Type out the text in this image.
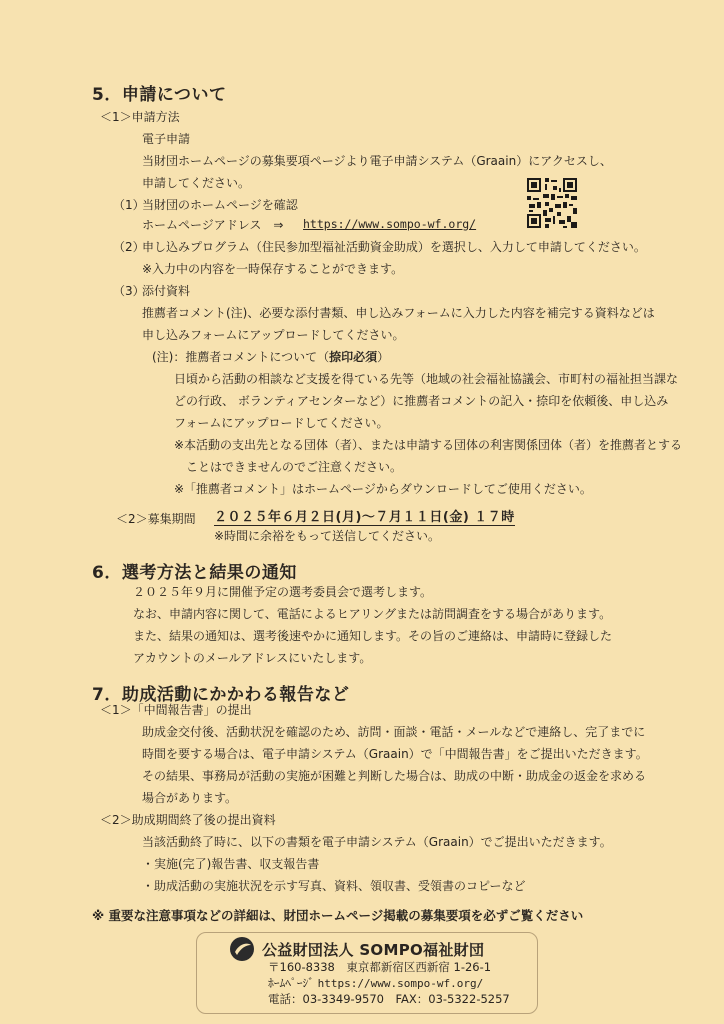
5．申請について
＜1＞申請方法
電子申請
当財団ホームページの募集要項ページより電子申請システム（Graain）にアクセスし、
申請してください。
（1）
当財団のホームページを確認
ホームページアドレス　⇒ https://www.sompo-wf.org/
（2）
申し込みプログラム（住民参加型福祉活動資金助成）を選択し、入力して申請してください。
※入力中の内容を一時保存することができます。
（3）
添付資料
推薦者コメント(注)、必要な添付書類、申し込みフォームに入力した内容を補完する資料などは
申し込みフォームにアップロードしてください。
(注)：推薦者コメントについて（捺印必須）
日頃から活動の相談など支援を得ている先等（地域の社会福祉協議会、市町村の福祉担当課な
どの行政、 ボランティアセンターなど）に推薦者コメントの記入・捺印を依頼後、申し込み
フォームにアップロードしてください。
※本活動の支出先となる団体（者）、または申請する団体の利害関係団体（者）を推薦者とする
ことはできませんのでご注意ください。
※「推薦者コメント」はホームページからダウンロードしてご使用ください。
＜2＞募集期間 ２０２５年６月２日(月)～７月１１日(金) １７時
※時間に余裕をもって送信してください。
6．選考方法と結果の通知
２０２５年９月に開催予定の選考委員会で選考します。
なお、申請内容に関して、電話によるヒアリングまたは訪問調査をする場合があります。
また、結果の通知は、選考後速やかに通知します。その旨のご連絡は、申請時に登録した
アカウントのメールアドレスにいたします。
7．助成活動にかかわる報告など
＜1＞「中間報告書」の提出
助成金交付後、活動状況を確認のため、訪問・面談・電話・メールなどで連絡し、完了までに
時間を要する場合は、電子申請システム（Graain）で「中間報告書」をご提出いただきます。
その結果、事務局が活動の実施が困難と判断した場合は、助成の中断・助成金の返金を求める
場合があります。
＜2＞助成期間終了後の提出資料
当該活動終了時に、以下の書類を電子申請システム（Graain）でご提出いただきます。
・実施(完了)報告書、収支報告書
・助成活動の実施状況を示す写真、資料、領収書、受領書のコピーなど
※ 重要な注意事項などの詳細は、財団ホームページ掲載の募集要項を必ずご覧ください
公益財団法人 SOMPO福祉財団
〒160-8338　東京都新宿区西新宿 1-26-1
ﾎｰﾑﾍﾟｰｼﾞ https://www.sompo-wf.org/
電話：03-3349-9570　FAX：03-5322-5257
